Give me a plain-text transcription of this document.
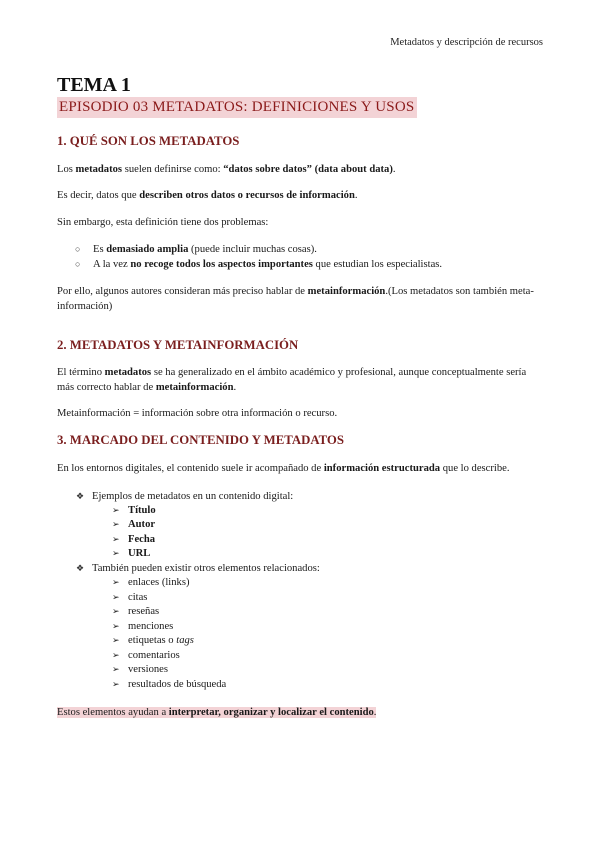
Metadatos y descripción de recursos
TEMA 1
EPISODIO 03 METADATOS: DEFINICIONES Y USOS
1. QUÉ SON LOS METADATOS
Los metadatos suelen definirse como: “datos sobre datos” (data about data).
Es decir, datos que describen otros datos o recursos de información.
Sin embargo, esta definición tiene dos problemas:
○ Es demasiado amplia (puede incluir muchas cosas).
○ A la vez no recoge todos los aspectos importantes que estudian los especialistas.
Por ello, algunos autores consideran más preciso hablar de metainformación.(Los metadatos son también meta-información)
2. METADATOS Y METAINFORMACIÓN
El término metadatos se ha generalizado en el ámbito académico y profesional, aunque conceptualmente sería más correcto hablar de metainformación.
Metainformación = información sobre otra información o recurso.
3. MARCADO DEL CONTENIDO Y METADATOS
En los entornos digitales, el contenido suele ir acompañado de información estructurada que lo describe.
❖ Ejemplos de metadatos en un contenido digital:
➢ Título
➢ Autor
➢ Fecha
➢ URL
❖ También pueden existir otros elementos relacionados:
➢ enlaces (links)
➢ citas
➢ reseñas
➢ menciones
➢ etiquetas o tags
➢ comentarios
➢ versiones
➢ resultados de búsqueda
Estos elementos ayudan a interpretar, organizar y localizar el contenido.
